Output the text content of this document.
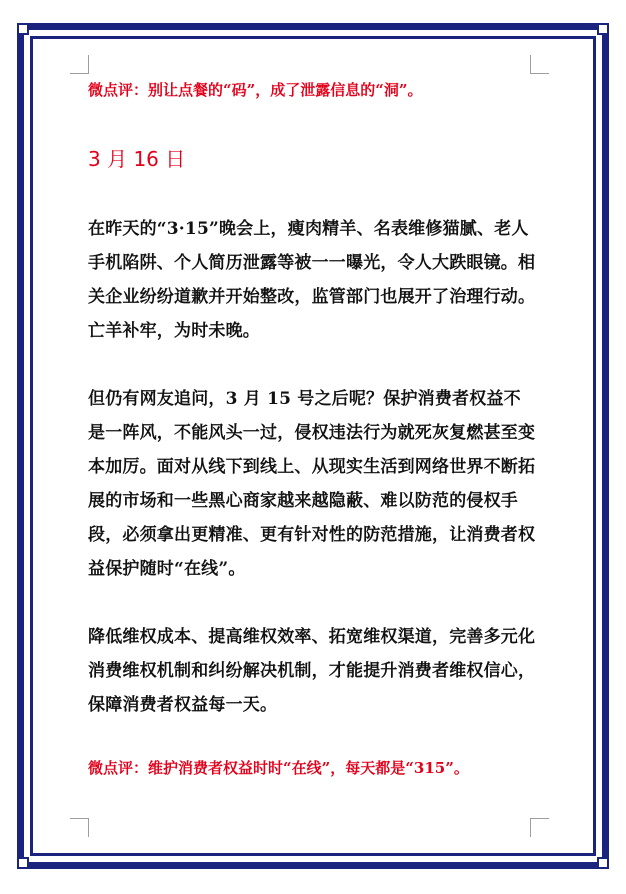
微点评：别让点餐的“码”，成了泄露信息的“洞”。

3 月 16 日

在昨天的“3·15”晚会上，瘦肉精羊、名表维修猫腻、老人手机陷阱、个人简历泄露等被一一曝光，令人大跌眼镜。相关企业纷纷道歉并开始整改，监管部门也展开了治理行动。亡羊补牢，为时未晚。

但仍有网友追问，3 月 15 号之后呢？保护消费者权益不是一阵风，不能风头一过，侵权违法行为就死灰复燃甚至变本加厉。面对从线下到线上、从现实生活到网络世界不断拓展的市场和一些黑心商家越来越隐蔽、难以防范的侵权手段，必须拿出更精准、更有针对性的防范措施，让消费者权益保护随时“在线”。

降低维权成本、提高维权效率、拓宽维权渠道，完善多元化消费维权机制和纠纷解决机制，才能提升消费者维权信心，保障消费者权益每一天。

微点评：维护消费者权益时时“在线”，每天都是“315”。
